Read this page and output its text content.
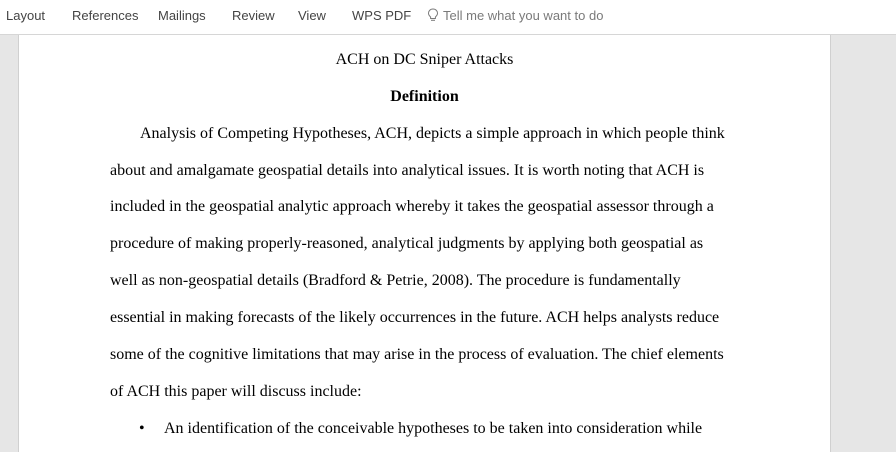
Layout References Mailings Review View WPS PDF	Tell me what you want to do

ACH on DC Sniper Attacks

Definition

Analysis of Competing Hypotheses, ACH, depicts a simple approach in which people think

about and amalgamate geospatial details into analytical issues. It is worth noting that ACH is

included in the geospatial analytic approach whereby it takes the geospatial assessor through a

procedure of making properly-reasoned, analytical judgments by applying both geospatial as

well as non-geospatial details (Bradford & Petrie, 2008). The procedure is fundamentally

essential in making forecasts of the likely occurrences in the future. ACH helps analysts reduce

some of the cognitive limitations that may arise in the process of evaluation. The chief elements

of ACH this paper will discuss include:

• An identification of the conceivable hypotheses to be taken into consideration while
